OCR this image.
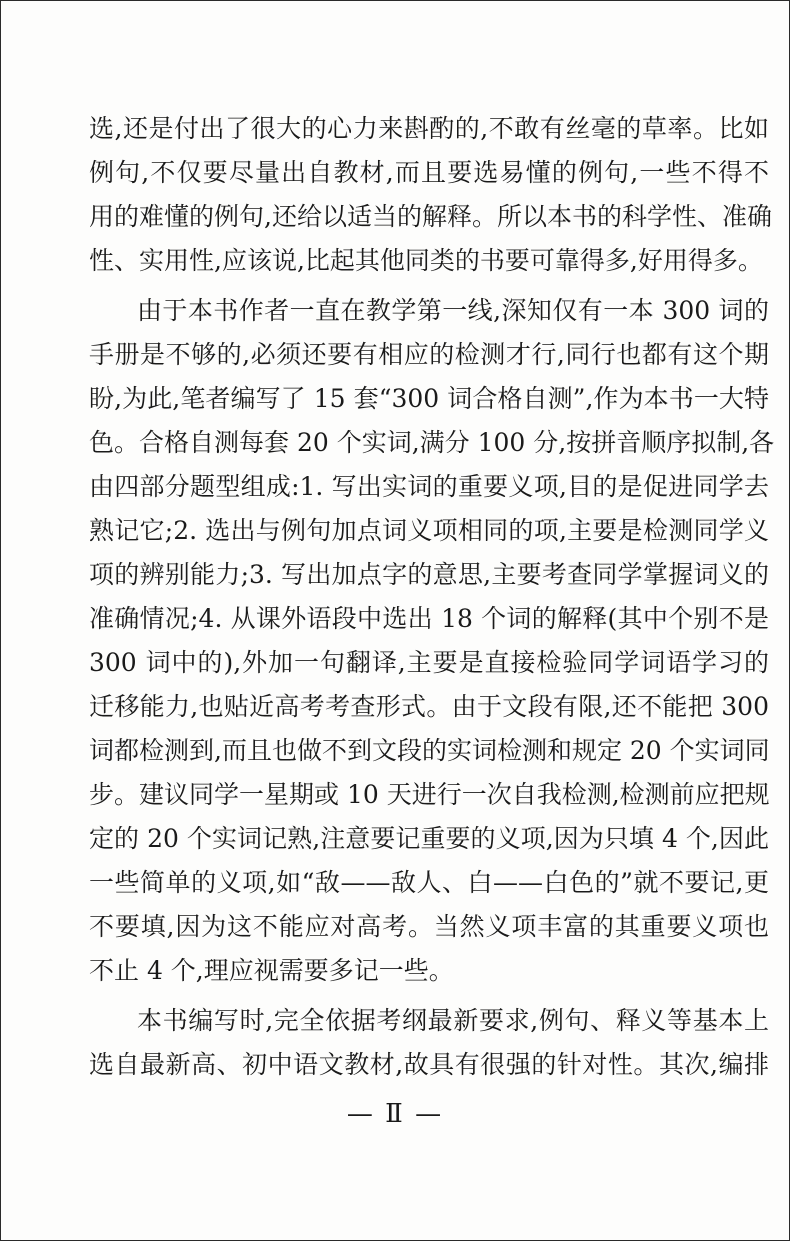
选,还是付出了很大的心力来斟酌的,不敢有丝毫的草率。比如
例句,不仅要尽量出自教材,而且要选易懂的例句,一些不得不
用的难懂的例句,还给以适当的解释。所以本书的科学性、准确
性、实用性,应该说,比起其他同类的书要可靠得多,好用得多。
由于本书作者一直在教学第一线,深知仅有一本 300 词的
手册是不够的,必须还要有相应的检测才行,同行也都有这个期
盼,为此,笔者编写了 15 套“300 词合格自测”,作为本书一大特
色。合格自测每套 20 个实词,满分 100 分,按拼音顺序拟制,各
由四部分题型组成:1. 写出实词的重要义项,目的是促进同学去
熟记它;2. 选出与例句加点词义项相同的项,主要是检测同学义
项的辨别能力;3. 写出加点字的意思,主要考查同学掌握词义的
准确情况;4. 从课外语段中选出 18 个词的解释(其中个别不是
300 词中的),外加一句翻译,主要是直接检验同学词语学习的
迁移能力,也贴近高考考查形式。由于文段有限,还不能把 300
词都检测到,而且也做不到文段的实词检测和规定 20 个实词同
步。建议同学一星期或 10 天进行一次自我检测,检测前应把规
定的 20 个实词记熟,注意要记重要的义项,因为只填 4 个,因此
一些简单的义项,如“敌——敌人、白——白色的”就不要记,更
不要填,因为这不能应对高考。当然义项丰富的其重要义项也
不止 4 个,理应视需要多记一些。
本书编写时,完全依据考纲最新要求,例句、释义等基本上
选自最新高、初中语文教材,故具有很强的针对性。其次,编排
— Ⅱ —
